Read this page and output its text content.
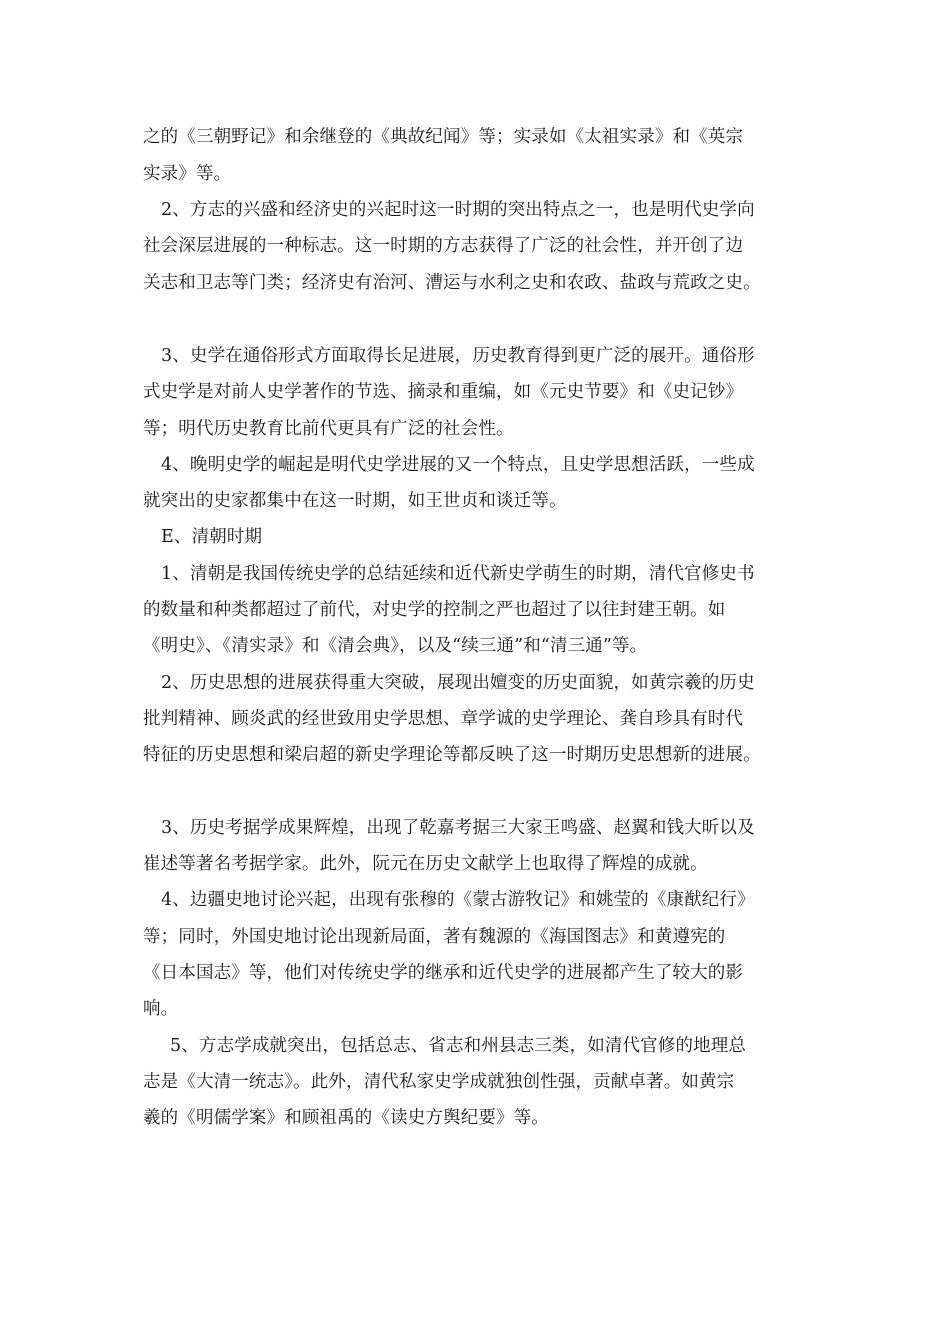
之的《三朝野记》和余继登的《典故纪闻》等；实录如《太祖实录》和《英宗
实录》等。
2、方志的兴盛和经济史的兴起时这一时期的突出特点之一，也是明代史学向
社会深层进展的一种标志。这一时期的方志获得了广泛的社会性，并开创了边
关志和卫志等门类；经济史有治河、漕运与水利之史和农政、盐政与荒政之史。
3、史学在通俗形式方面取得长足进展，历史教育得到更广泛的展开。通俗形
式史学是对前人史学著作的节选、摘录和重编，如《元史节要》和《史记钞》
等；明代历史教育比前代更具有广泛的社会性。
4、晚明史学的崛起是明代史学进展的又一个特点，且史学思想活跃，一些成
就突出的史家都集中在这一时期，如王世贞和谈迁等。
E、清朝时期
1、清朝是我国传统史学的总结延续和近代新史学萌生的时期，清代官修史书
的数量和种类都超过了前代，对史学的控制之严也超过了以往封建王朝。如
《明史》、《清实录》和《清会典》，以及“续三通”和“清三通”等。
2、历史思想的进展获得重大突破，展现出嬗变的历史面貌，如黄宗羲的历史
批判精神、顾炎武的经世致用史学思想、章学诚的史学理论、龚自珍具有时代
特征的历史思想和梁启超的新史学理论等都反映了这一时期历史思想新的进展。
3、历史考据学成果辉煌，出现了乾嘉考据三大家王鸣盛、赵翼和钱大昕以及
崔述等著名考据学家。此外，阮元在历史文献学上也取得了辉煌的成就。
4、边疆史地讨论兴起，出现有张穆的《蒙古游牧记》和姚莹的《康猷纪行》
等；同时，外国史地讨论出现新局面，著有魏源的《海国图志》和黄遵宪的
《日本国志》等，他们对传统史学的继承和近代史学的进展都产生了较大的影
响。
5、方志学成就突出，包括总志、省志和州县志三类，如清代官修的地理总
志是《大清一统志》。此外，清代私家史学成就独创性强，贡献卓著。如黄宗
羲的《明儒学案》和顾祖禹的《读史方舆纪要》等。
